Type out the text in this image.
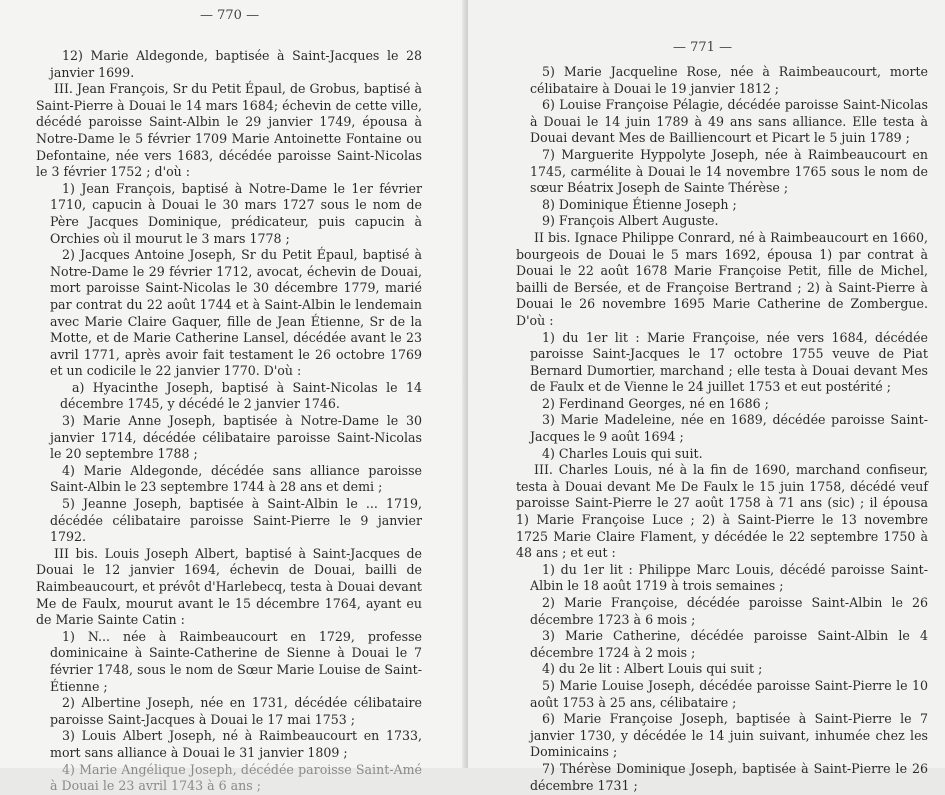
— 770 —

12) Marie Aldegonde, baptisée à Saint-Jacques le 28 janvier 1699.

III. Jean François, Sr du Petit Épaul, de Grobus, baptisé à Saint-Pierre à Douai le 14 mars 1684; échevin de cette ville, décédé paroisse Saint-Albin le 29 janvier 1749, épousa à Notre-Dame le 5 février 1709 Marie Antoinette Fontaine ou Defontaine, née vers 1683, décédée paroisse Saint-Nicolas le 3 février 1752 ; d'où :

1) Jean François, baptisé à Notre-Dame le 1er février 1710, capucin à Douai le 30 mars 1727 sous le nom de Père Jacques Dominique, prédicateur, puis capucin à Orchies où il mourut le 3 mars 1778 ;

2) Jacques Antoine Joseph, Sr du Petit Épaul, baptisé à Notre-Dame le 29 février 1712, avocat, échevin de Douai, mort paroisse Saint-Nicolas le 30 décembre 1779, marié par contrat du 22 août 1744 et à Saint-Albin le lendemain avec Marie Claire Gaquer, fille de Jean Étienne, Sr de la Motte, et de Marie Catherine Lansel, décédée avant le 23 avril 1771, après avoir fait testament le 26 octobre 1769 et un codicile le 22 janvier 1770. D'où :

a) Hyacinthe Joseph, baptisé à Saint-Nicolas le 14 décembre 1745, y décédé le 2 janvier 1746.

3) Marie Anne Joseph, baptisée à Notre-Dame le 30 janvier 1714, décédée célibataire paroisse Saint-Nicolas le 20 septembre 1788 ;

4) Marie Aldegonde, décédée sans alliance paroisse Saint-Albin le 23 septembre 1744 à 28 ans et demi ;

5) Jeanne Joseph, baptisée à Saint-Albin le ... 1719, décédée célibataire paroisse Saint-Pierre le 9 janvier 1792.

III bis. Louis Joseph Albert, baptisé à Saint-Jacques de Douai le 12 janvier 1694, échevin de Douai, bailli de Raimbeaucourt, et prévôt d'Harlebecq, testa à Douai devant Me de Faulx, mourut avant le 15 décembre 1764, ayant eu de Marie Sainte Catin :

1) N... née à Raimbeaucourt en 1729, professe dominicaine à Sainte-Catherine de Sienne à Douai le 7 février 1748, sous le nom de Sœur Marie Louise de Saint-Étienne ;

2) Albertine Joseph, née en 1731, décédée célibataire paroisse Saint-Jacques à Douai le 17 mai 1753 ;

3) Louis Albert Joseph, né à Raimbeaucourt en 1733, mort sans alliance à Douai le 31 janvier 1809 ;

4) Marie Angélique Joseph, décédée paroisse Saint-Amé à Douai le 23 avril 1743 à 6 ans ;

— 771 —

5) Marie Jacqueline Rose, née à Raimbeaucourt, morte célibataire à Douai le 19 janvier 1812 ;

6) Louise Françoise Pélagie, décédée paroisse Saint-Nicolas à Douai le 14 juin 1789 à 49 ans sans alliance. Elle testa à Douai devant Mes de Bailliencourt et Picart le 5 juin 1789 ;

7) Marguerite Hyppolyte Joseph, née à Raimbeaucourt en 1745, carmélite à Douai le 14 novembre 1765 sous le nom de sœur Béatrix Joseph de Sainte Thérèse ;

8) Dominique Étienne Joseph ;

9) François Albert Auguste.

II bis. Ignace Philippe Conrard, né à Raimbeaucourt en 1660, bourgeois de Douai le 5 mars 1692, épousa 1) par contrat à Douai le 22 août 1678 Marie Françoise Petit, fille de Michel, bailli de Bersée, et de Françoise Bertrand ; 2) à Saint-Pierre à Douai le 26 novembre 1695 Marie Catherine de Zombergue. D'où :

1) du 1er lit : Marie Françoise, née vers 1684, décédée paroisse Saint-Jacques le 17 octobre 1755 veuve de Piat Bernard Dumortier, marchand ; elle testa à Douai devant Mes de Faulx et de Vienne le 24 juillet 1753 et eut postérité ;

2) Ferdinand Georges, né en 1686 ;

3) Marie Madeleine, née en 1689, décédée paroisse Saint-Jacques le 9 août 1694 ;

4) Charles Louis qui suit.

III. Charles Louis, né à la fin de 1690, marchand confiseur, testa à Douai devant Me De Faulx le 15 juin 1758, décédé veuf paroisse Saint-Pierre le 27 août 1758 à 71 ans (sic) ; il épousa 1) Marie Françoise Luce ; 2) à Saint-Pierre le 13 novembre 1725 Marie Claire Flament, y décédée le 22 septembre 1750 à 48 ans ; et eut :

1) du 1er lit : Philippe Marc Louis, décédé paroisse Saint-Albin le 18 août 1719 à trois semaines ;

2) Marie Françoise, décédée paroisse Saint-Albin le 26 décembre 1723 à 6 mois ;

3) Marie Catherine, décédée paroisse Saint-Albin le 4 décembre 1724 à 2 mois ;

4) du 2e lit : Albert Louis qui suit ;

5) Marie Louise Joseph, décédée paroisse Saint-Pierre le 10 août 1753 à 25 ans, célibataire ;

6) Marie Françoise Joseph, baptisée à Saint-Pierre le 7 janvier 1730, y décédée le 14 juin suivant, inhumée chez les Dominicains ;

7) Thérèse Dominique Joseph, baptisée à Saint-Pierre le 26 décembre 1731 ;
